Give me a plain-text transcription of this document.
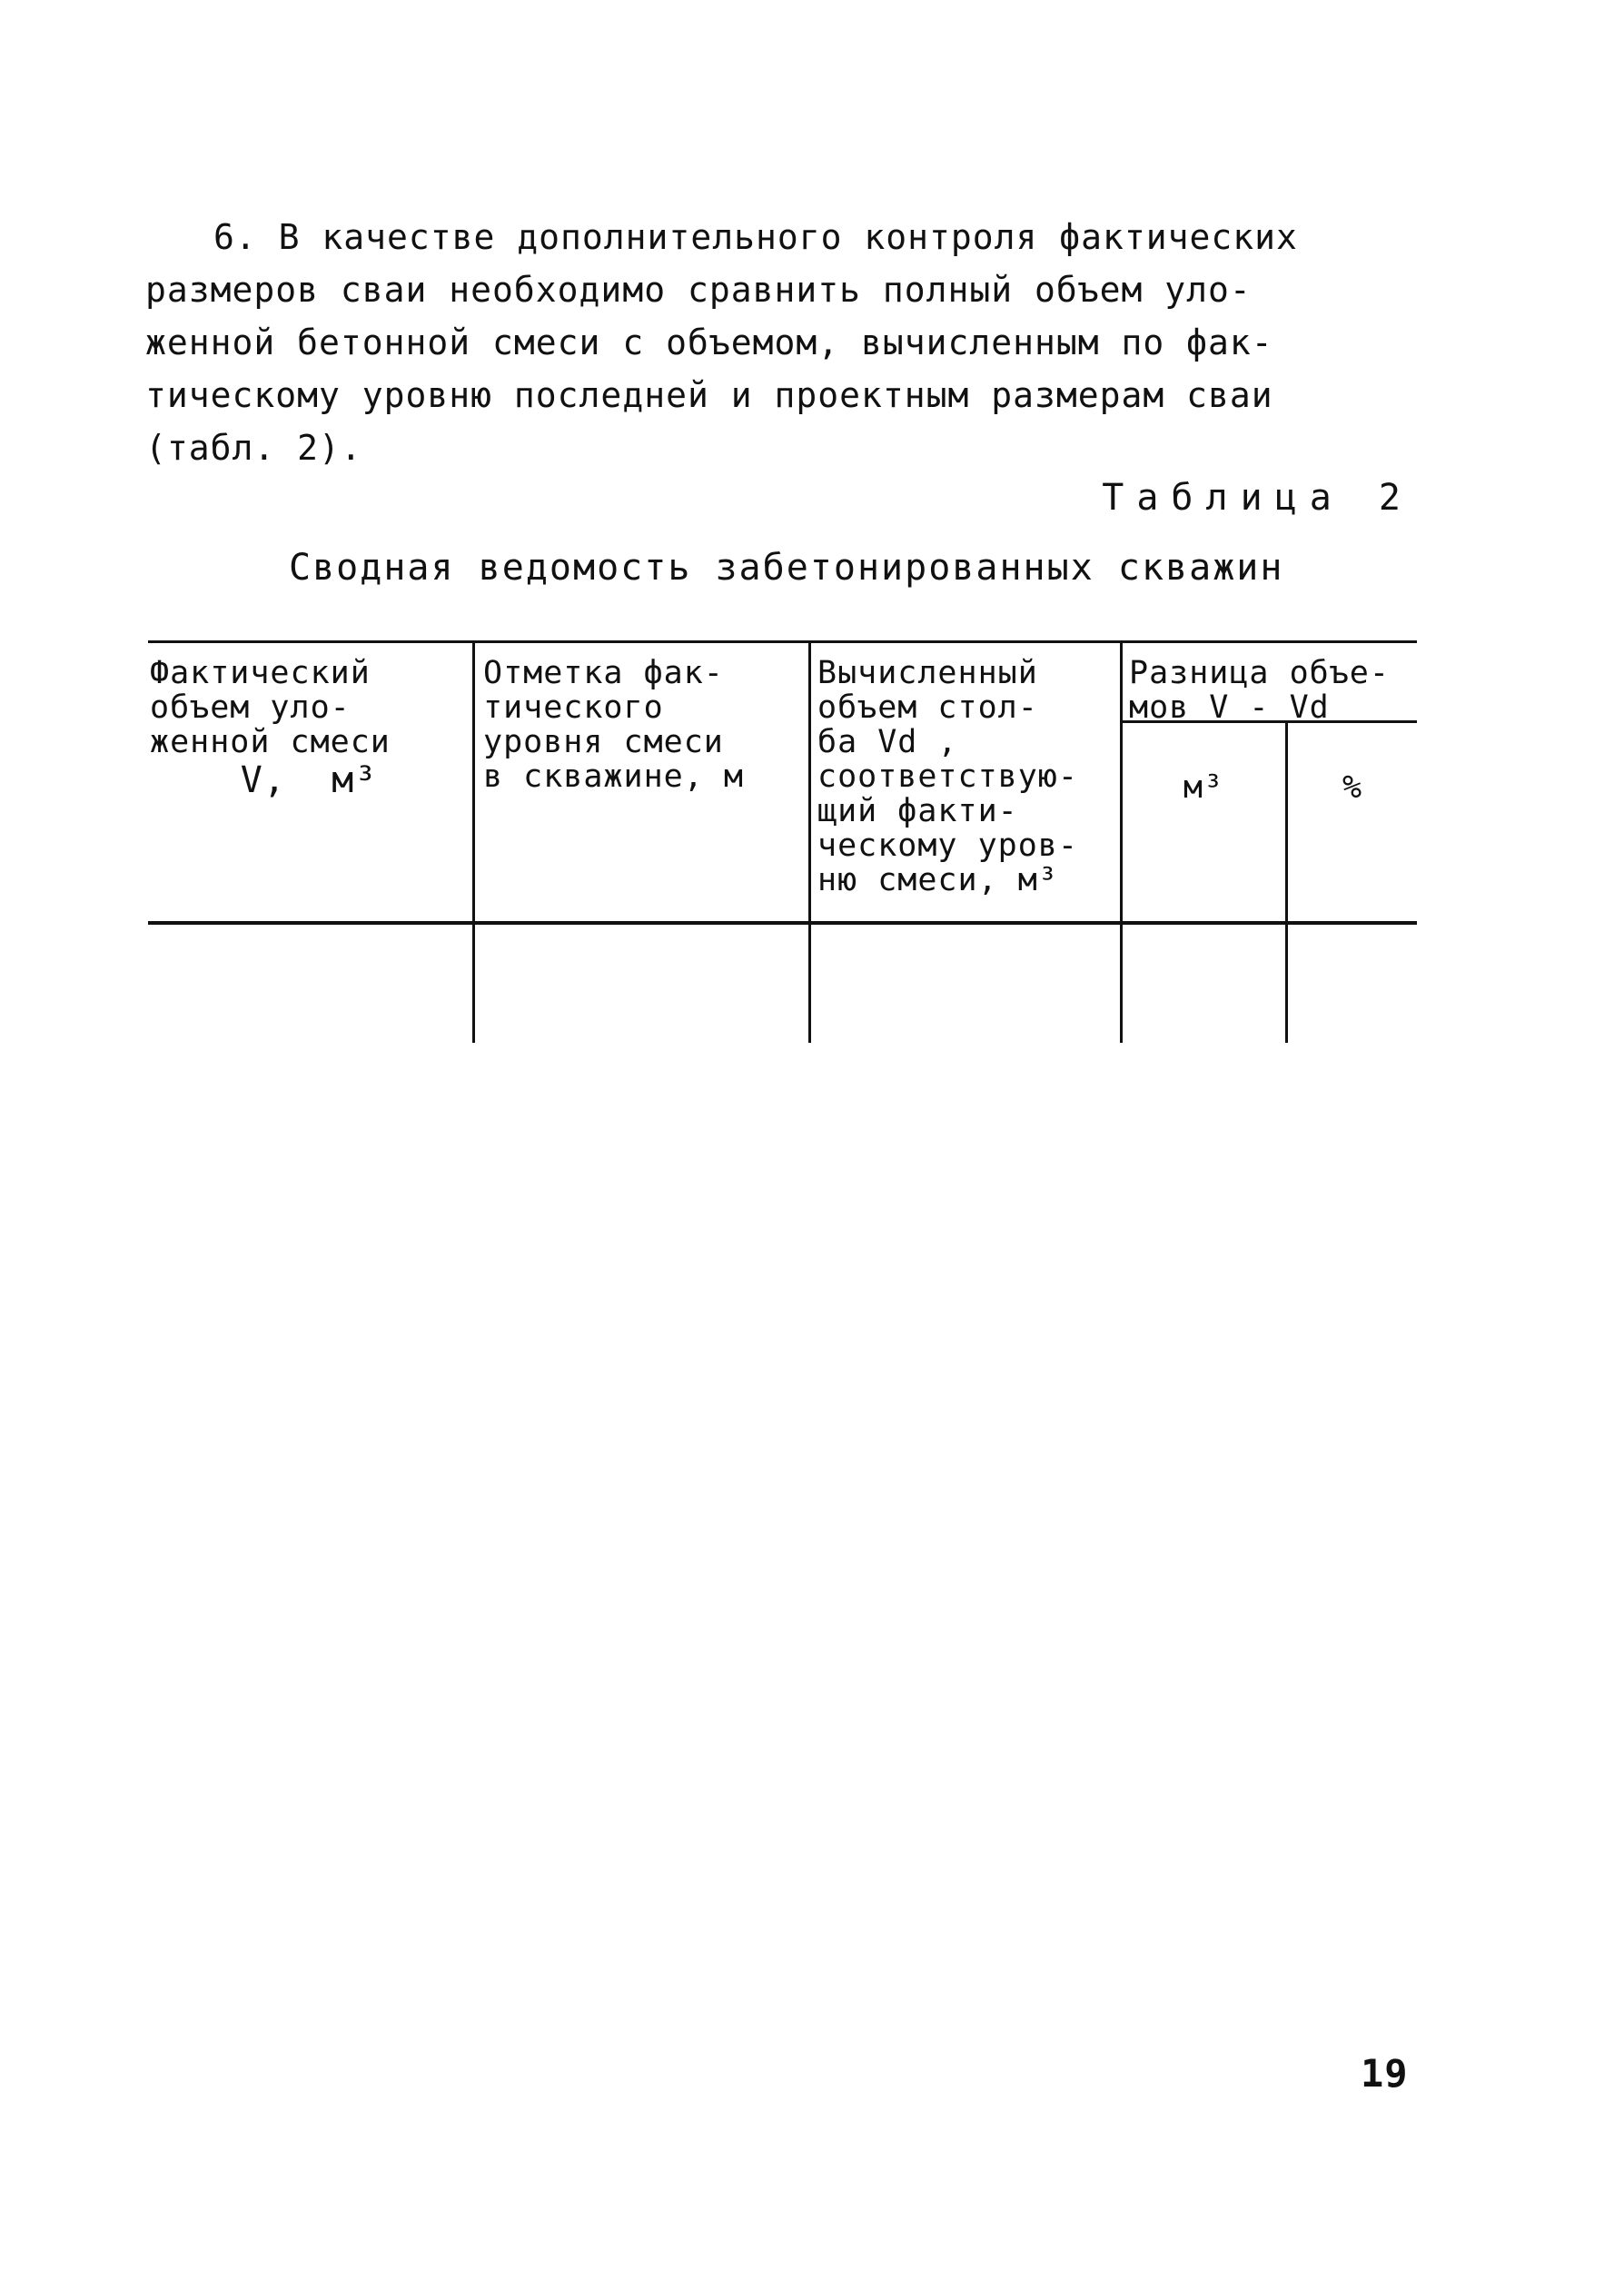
6. В качестве дополнительного контроля фактических
размеров сваи необходимо сравнить полный объем уло-
женной бетонной смеси с объемом, вычисленным по фак-
тическому уровню последней и проектным размерам сваи
(табл. 2).

Таблица 2

Сводная ведомость забетонированных скважин
Фактический
объем уло-
женной смеси
V,  м³
Отметка фак-
тического
уровня смеси
в скважине, м
Вычисленный
объем стол-
ба Vd ,
соответствую-
щий факти-
ческому уров-
ню смеси, м³
Разница объе-
мов V - Vd
м³	%
19
